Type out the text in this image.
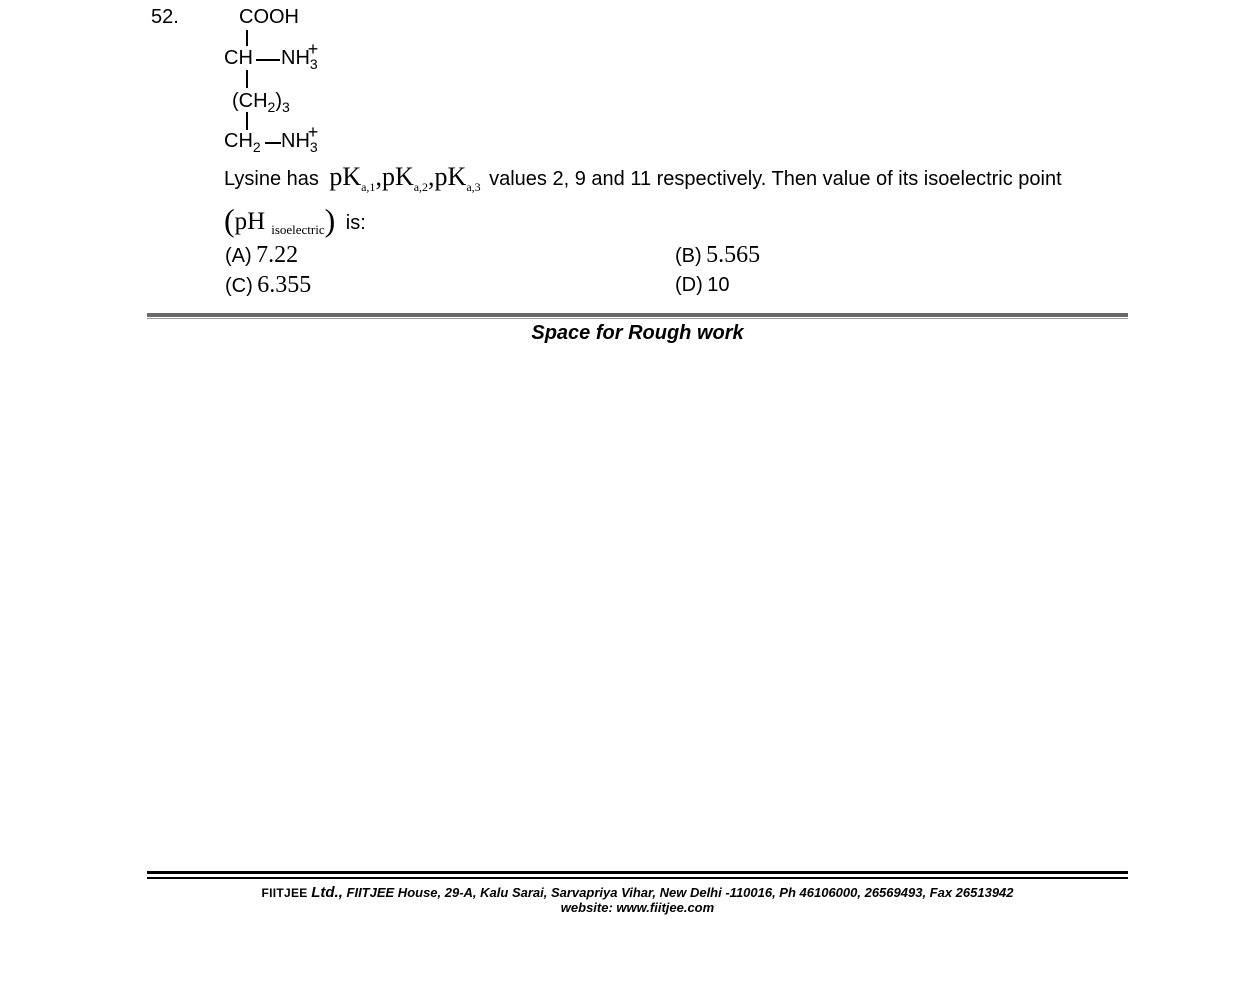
52.	COOH
CH $NH_3+$
$(CH_2)_3$
$CH_2$ $NH_3+$
Lysine has $pK_{a,1},pK_{a,2},pK_{a,3}$ values 2, 9 and 11 respectively. Then value of its isoelectric point
(pH $_{isoelectric}$) is:
(A) 7.22	(B) 5.565
(C) 6.355	(D) 10
Space for Rough work
FIITJEE Ltd., FIITJEE House, 29-A, Kalu Sarai, Sarvapriya Vihar, New Delhi -110016, Ph 46106000, 26569493, Fax 26513942
website: www.fiitjee.com
